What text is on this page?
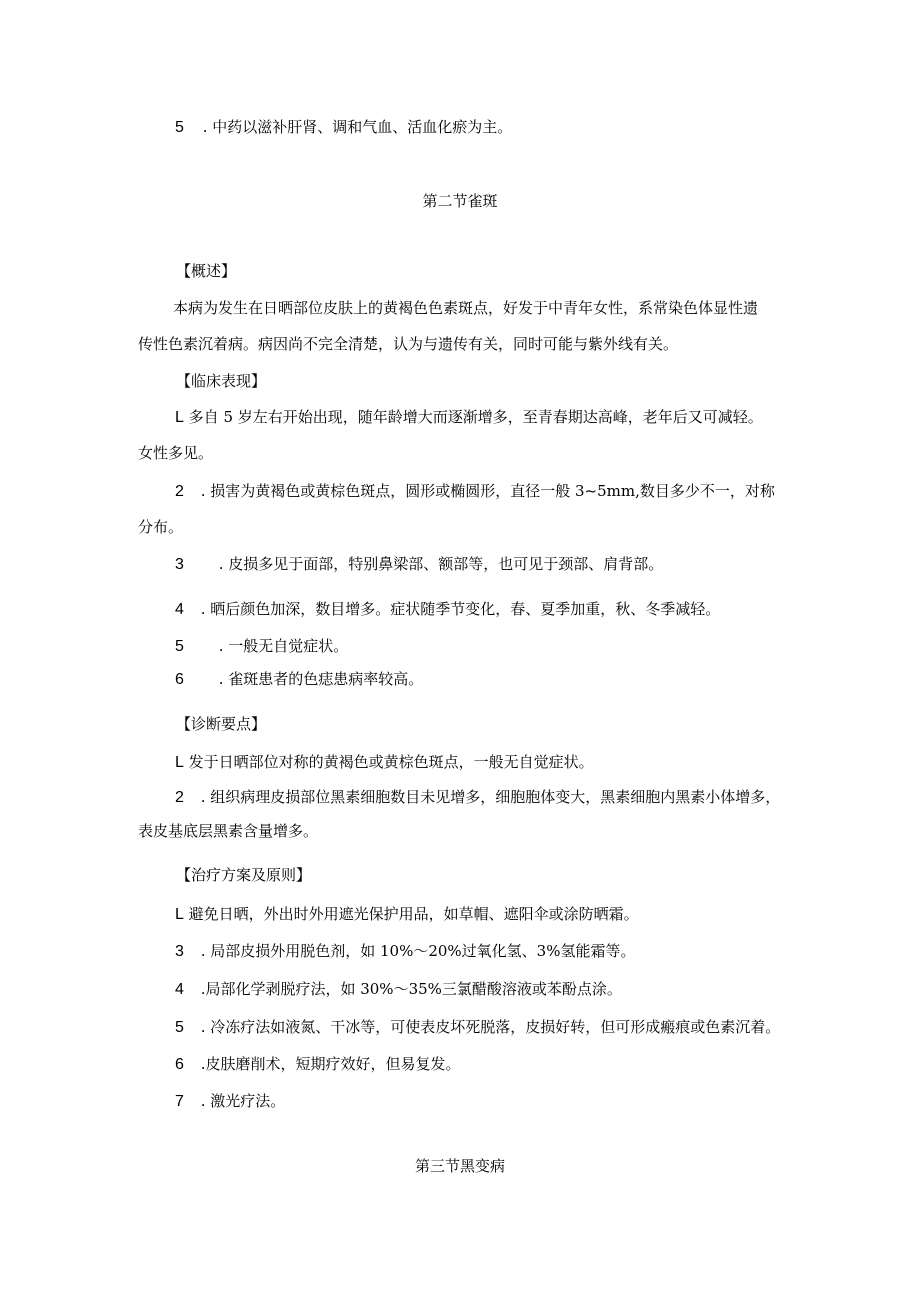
5 . 中药以滋补肝肾、调和气血、活血化瘀为主。
第二节雀斑
【概述】
本病为发生在日晒部位皮肤上的黄褐色色素斑点，好发于中青年女性，系常染色体显性遗
传性色素沉着病。病因尚不完全清楚，认为与遗传有关，同时可能与紫外线有关。
【临床表现】
L 多自 5 岁左右开始出现，随年龄增大而逐渐增多，至青春期达高峰，老年后又可减轻。
女性多见。
2 . 损害为黄褐色或黄棕色斑点，圆形或椭圆形，直径一般 3~5mm,数目多少不一，对称
分布。
3 . 皮损多见于面部，特别鼻梁部、额部等，也可见于颈部、肩背部。
4 . 晒后颜色加深，数目增多。症状随季节变化，春、夏季加重，秋、冬季减轻。
5 . 一般无自觉症状。
6 . 雀斑患者的色痣患病率较高。
【诊断要点】
L 发于日晒部位对称的黄褐色或黄棕色斑点，一般无自觉症状。
2 . 组织病理皮损部位黑素细胞数目未见增多，细胞胞体变大，黑素细胞内黑素小体增多，
表皮基底层黑素含量增多。
【治疗方案及原则】
L 避免日晒，外出时外用遮光保护用品，如草帽、遮阳伞或涂防晒霜。
3 . 局部皮损外用脱色剂，如 10%～20%过氧化氢、3%氢能霜等。
4 .局部化学剥脱疗法，如 30%～35%三氯醋酸溶液或苯酚点涂。
5 . 冷冻疗法如液氮、干冰等，可使表皮坏死脱落，皮损好转，但可形成瘢痕或色素沉着。
6 .皮肤磨削术，短期疗效好，但易复发。
7 . 激光疗法。
第三节黑变病
